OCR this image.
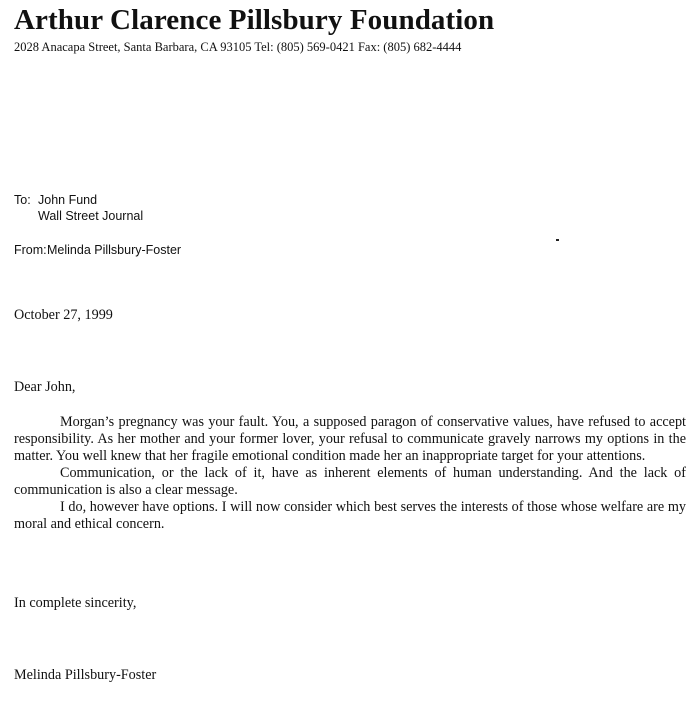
Arthur Clarence Pillsbury Foundation
2028 Anacapa Street, Santa Barbara, CA 93105 Tel: (805) 569-0421 Fax: (805) 682-4444
To: John Fund
Wall Street Journal
From: Melinda Pillsbury-Foster
October 27, 1999
Dear John,

Morgan’s pregnancy was your fault. You, a supposed paragon of conservative values, have refused to accept responsibility. As her mother and your former lover, your refusal to communicate gravely narrows my options in the matter. You well knew that her fragile emotional condition made her an inappropriate target for your attentions.

Communication, or the lack of it, have as inherent elements of human understanding. And the lack of communication is also a clear message.

I do, however have options. I will now consider which best serves the interests of those whose welfare are my moral and ethical concern.

In complete sincerity,
Melinda Pillsbury-Foster
